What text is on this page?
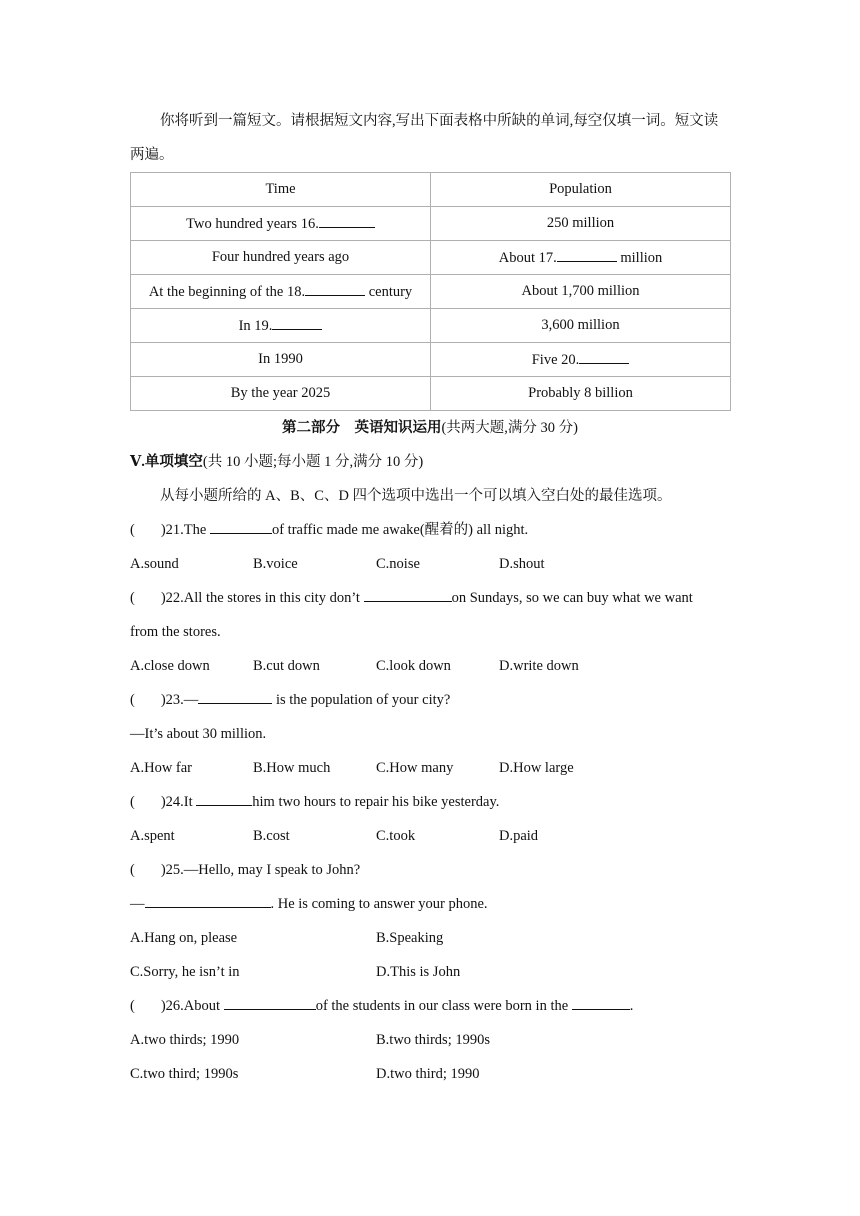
你将听到一篇短文。请根据短文内容,写出下面表格中所缺的单词,每空仅填一词。短文读两遍。

Time	Population
Two hundred years 16.	250 million
Four hundred years ago	About 17. million
At the beginning of the 18. century	About 1,700 million
In 19.	3,600 million
In 1990	Five 20.
By the year 2025	Probably 8 billion
第二部分　英语知识运用(共两大题,满分 30 分)
Ⅴ.单项填空(共 10 小题;每小题 1 分,满分 10 分)
从每小题所给的 A、B、C、D 四个选项中选出一个可以填入空白处的最佳选项。
( )21.The	of traffic made me awake(醒着的) all night.
A.sound	B.voice	C.noise	D.shout
( )22.All the stores in this city don’t	on Sundays, so we can buy what we want
from the stores.
A.close down	B.cut down	C.look down	D.write down
( )23.—	is the population of your city?
—It’s about 30 million.
A.How far	B.How much	C.How many	D.How large
( )24.It	him two hours to repair his bike yesterday.
A.spent	B.cost	C.took	D.paid
( )25.—Hello, may I speak to John?
—	. He is coming to answer your phone.
A.Hang on, please	B.Speaking
C.Sorry, he isn’t in	D.This is John
( )26.About	of the students in our class were born in the	.
A.two thirds; 1990	B.two thirds; 1990s
C.two third; 1990s	D.two third; 1990
